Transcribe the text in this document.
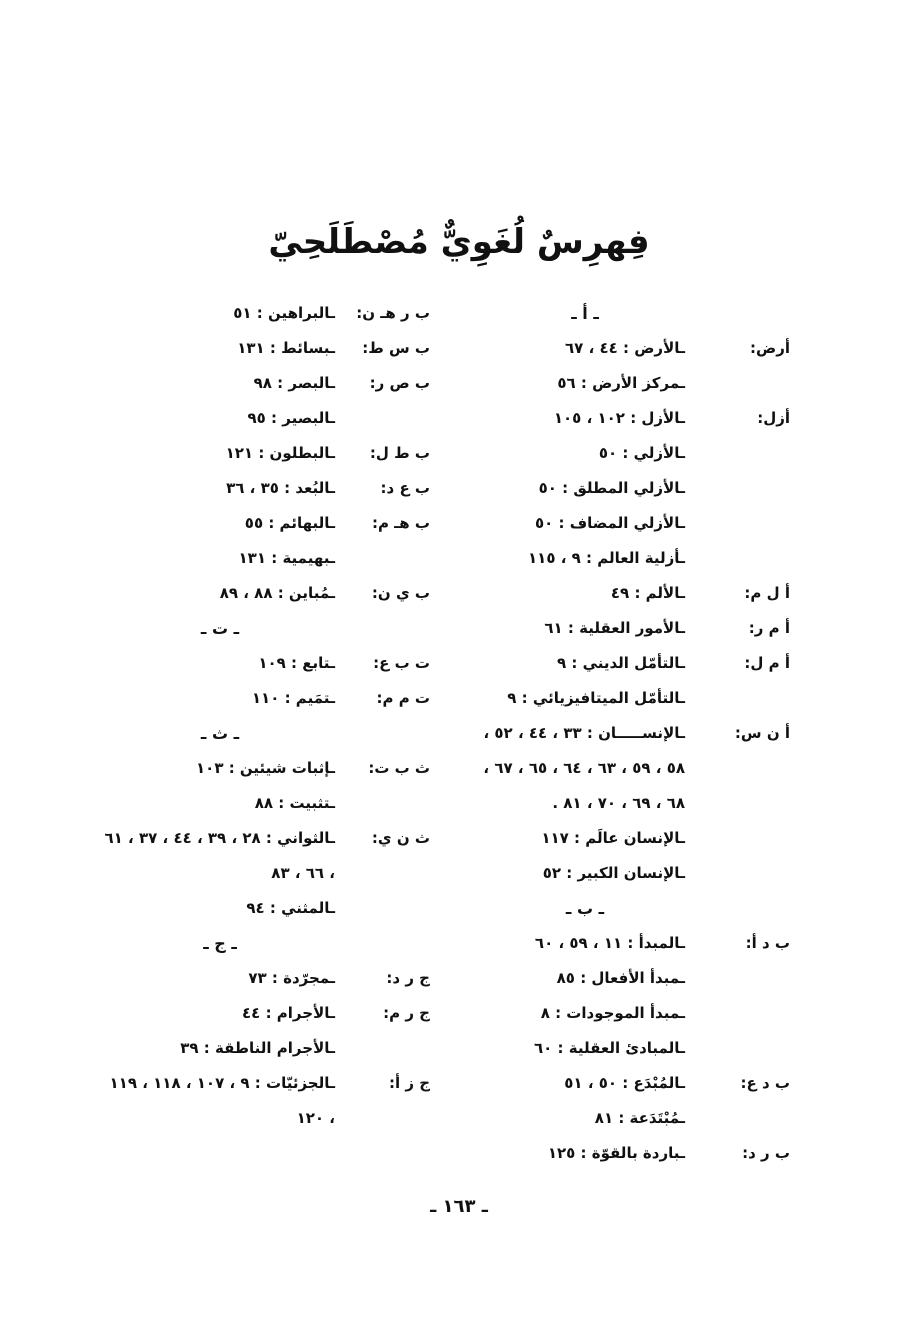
فِهرِسٌ لُغَوِيٌّ مُصْطَلَحِيّ
ـ أ ـ
أرض:
ـالأرض : ٤٤ ، ٦٧
ـمركز الأرض : ٥٦
أزل:
ـالأزل : ١٠٢ ، ١٠٥
ـالأزلي : ٥٠
ـالأزلي المطلق : ٥٠
ـالأزلي المضاف : ٥٠
ـأزلية العالم : ٩ ، ١١٥
أ ل م:
ـالألم : ٤٩
أ م ر:
ـالأمور العقلية : ٦١
أ م ل:
ـالتأمّل الديني : ٩
ـالتأمّل الميتافيزيائي : ٩
أ ن س:
ـالإنســـــان : ٣٣ ، ٤٤ ، ٥٢ ، ٥٨ ، ٥٩ ، ٦٣ ، ٦٤ ، ٦٥ ، ٦٧ ، ٦٨ ، ٦٩ ، ٧٠ ، ٨١ .
ـالإنسان عالَم : ١١٧
ـالإنسان الكبير : ٥٢
ـ ب ـ
ب د أ:
ـالمبدأ : ١١ ، ٥٩ ، ٦٠
ـمبدأ الأفعال : ٨٥
ـمبدأ الموجودات : ٨
ـالمبادئ العقلية : ٦٠
ب د ع:
ـالمُبْدَع : ٥٠ ، ٥١
ـمُبْتَدَعة : ٨١
ب ر د:
ـباردة بالقوّة : ١٢٥
ب ر هـ ن:
ـالبراهين : ٥١
ب س ط:
ـبسائط : ١٣١
ب ص ر:
ـالبصر : ٩٨
ـالبصير : ٩٥
ب ط ل:
ـالبطلون : ١٢١
ب ع د:
ـالبُعد : ٣٥ ، ٣٦
ب هـ م:
ـالبهائم : ٥٥
ـبهيمية : ١٣١
ب ي ن:
ـمُباين : ٨٨ ، ٨٩
ـ ت ـ
ت ب ع:
ـتابع : ١٠٩
ت م م:
ـتمَيم : ١١٠
ـ ث ـ
ث ب ت:
ـإثبات شيئين : ١٠٣
ـتثبيت : ٨٨
ث ن ي:
ـالثواني : ٢٨ ، ٣٩ ، ٤٤ ، ٣٧ ، ٦١ ، ٦٦ ، ٨٣
ـالمثني : ٩٤
ـ ج ـ
ج ر د:
ـمجرّدة : ٧٣
ج ر م:
ـالأجرام : ٤٤
ـالأجرام الناطقة : ٣٩
ج ز أ:
ـالجزئيّات : ٩ ، ١٠٧ ، ١١٨ ، ١١٩ ، ١٢٠
ـ ١٦٣ ـ
